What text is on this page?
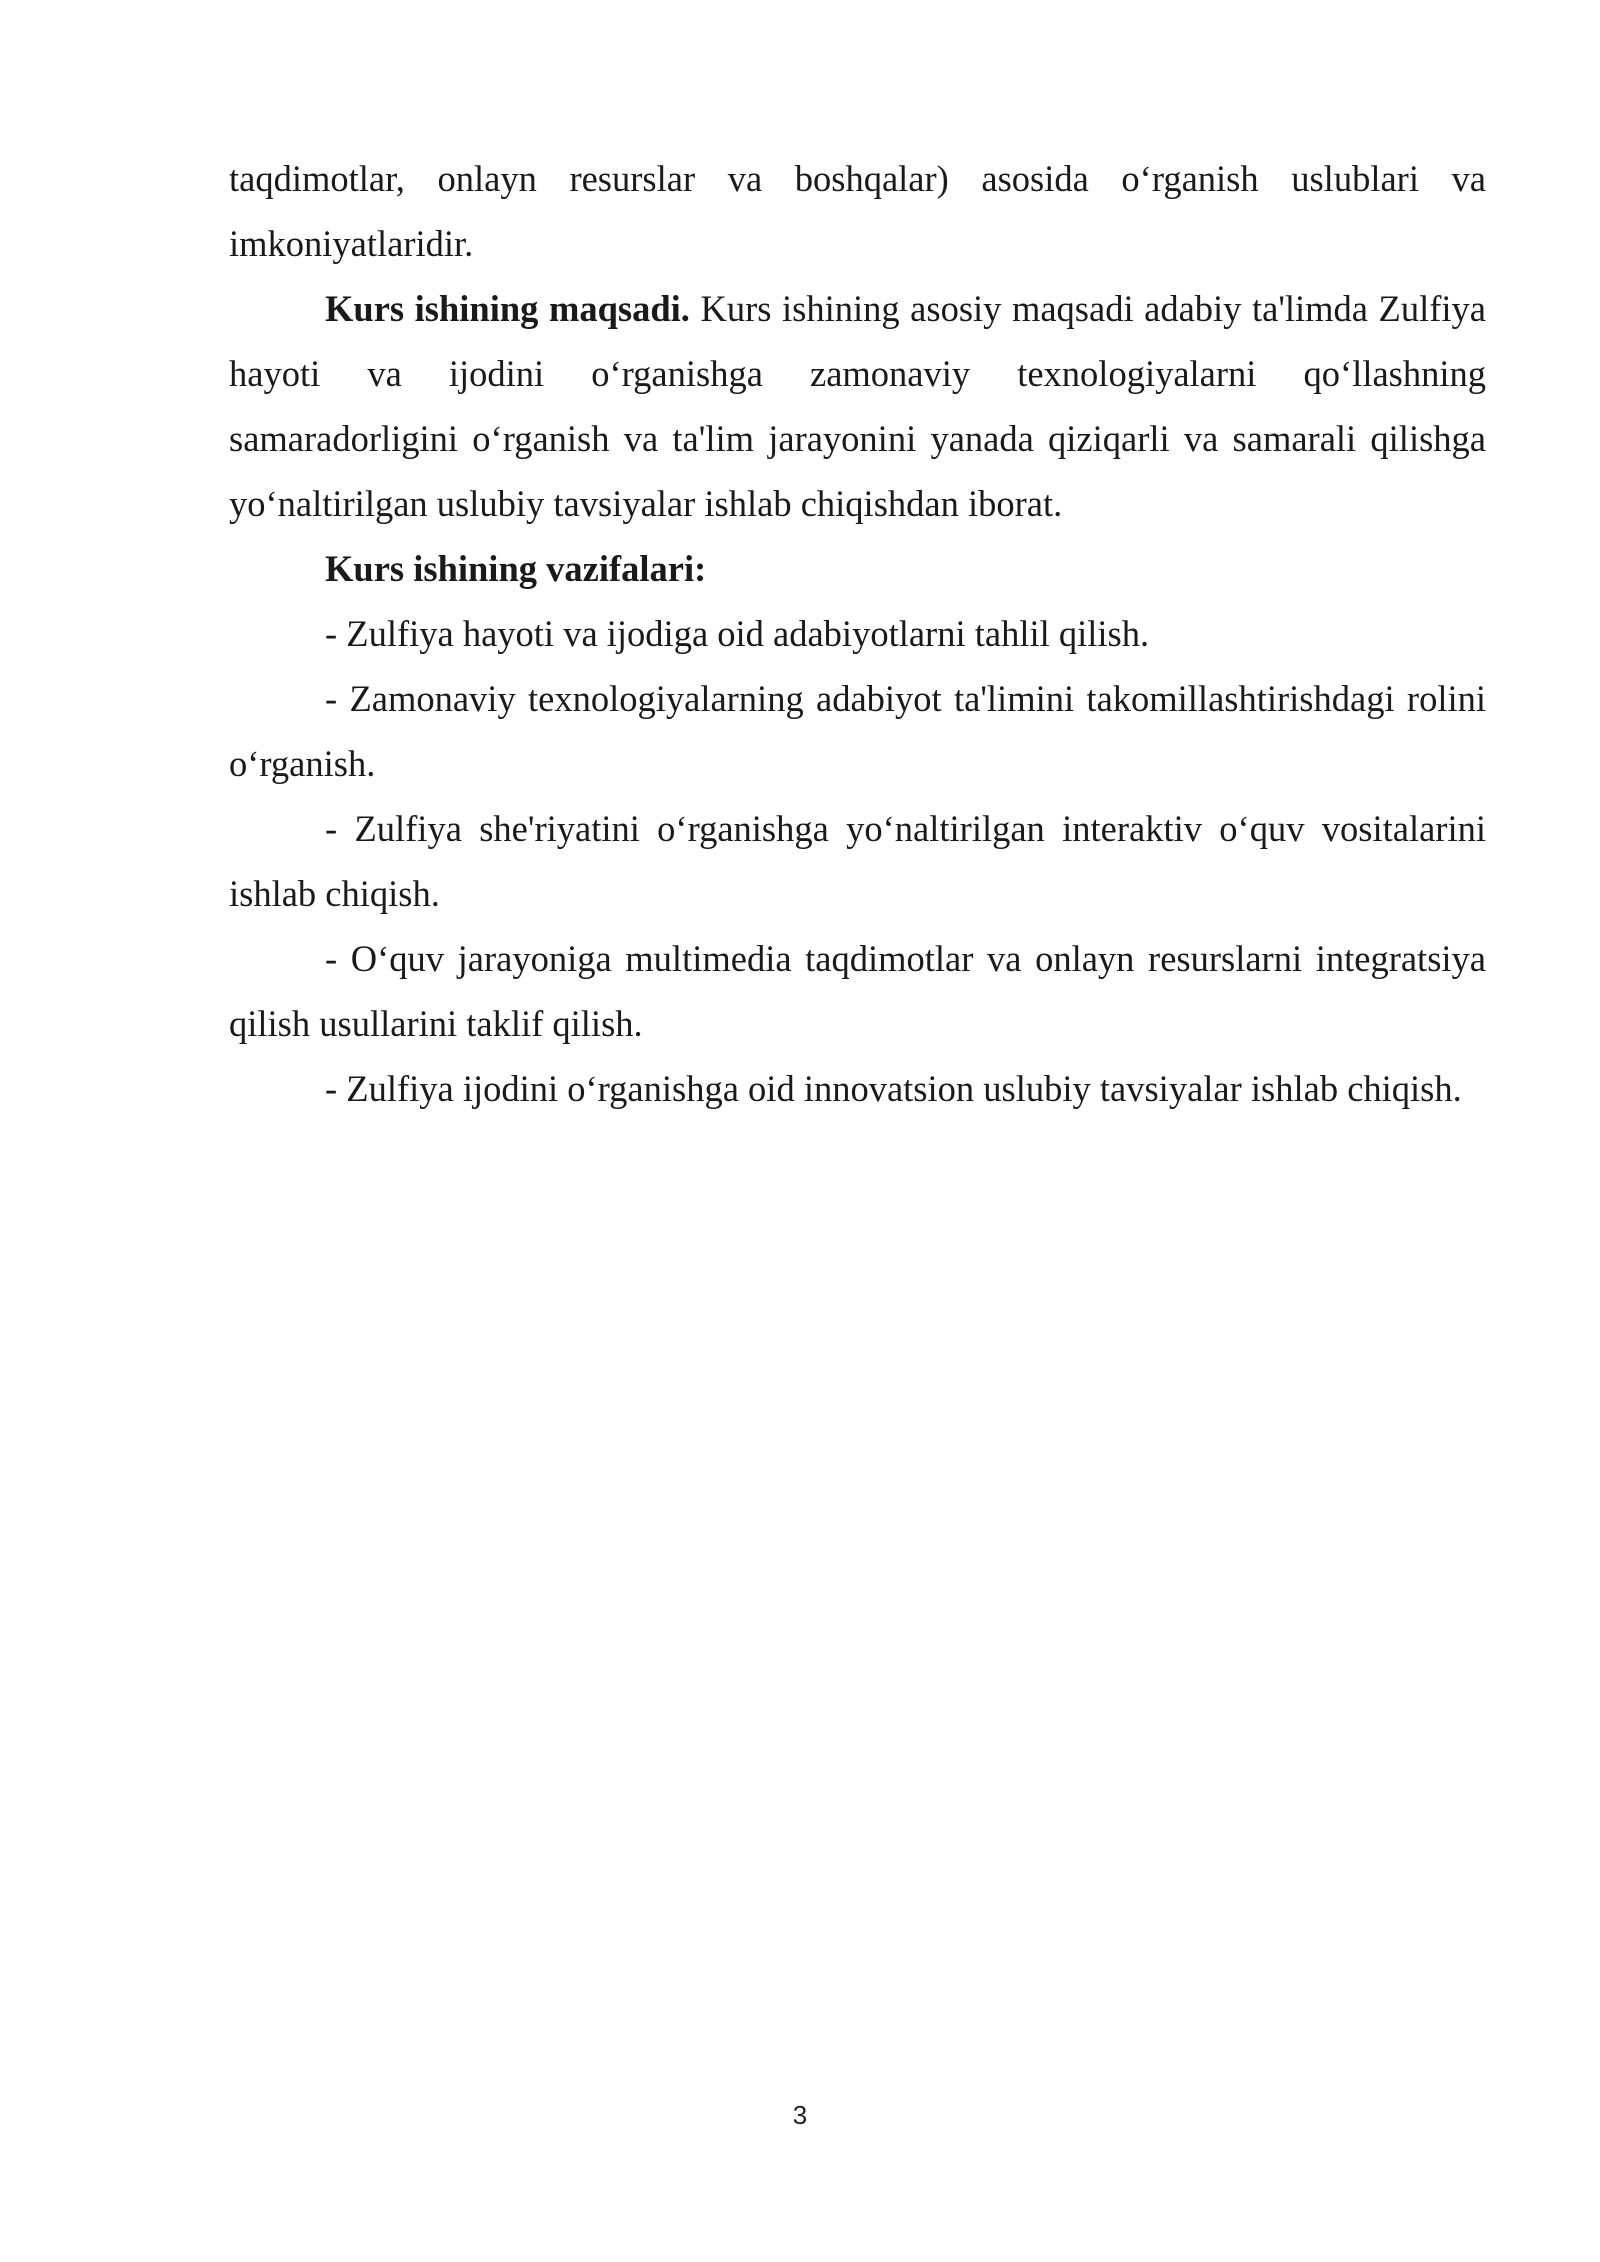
taqdimotlar, onlayn resurslar va boshqalar) asosida o‘rganish uslublari va imkoniyatlaridir.

Kurs ishining maqsadi. Kurs ishining asosiy maqsadi adabiy ta'limda Zulfiya hayoti va ijodini o‘rganishga zamonaviy texnologiyalarni qo‘llashning samaradorligini o‘rganish va ta'lim jarayonini yanada qiziqarli va samarali qilishga yo‘naltirilgan uslubiy tavsiyalar ishlab chiqishdan iborat.

Kurs ishining vazifalari:

- Zulfiya hayoti va ijodiga oid adabiyotlarni tahlil qilish.

- Zamonaviy texnologiyalarning adabiyot ta'limini takomillashtirishdagi rolini o‘rganish.

- Zulfiya she'riyatini o‘rganishga yo‘naltirilgan interaktiv o‘quv vositalarini ishlab chiqish.

- O‘quv jarayoniga multimedia taqdimotlar va onlayn resurslarni integratsiya qilish usullarini taklif qilish.

- Zulfiya ijodini o‘rganishga oid innovatsion uslubiy tavsiyalar ishlab chiqish.

3
